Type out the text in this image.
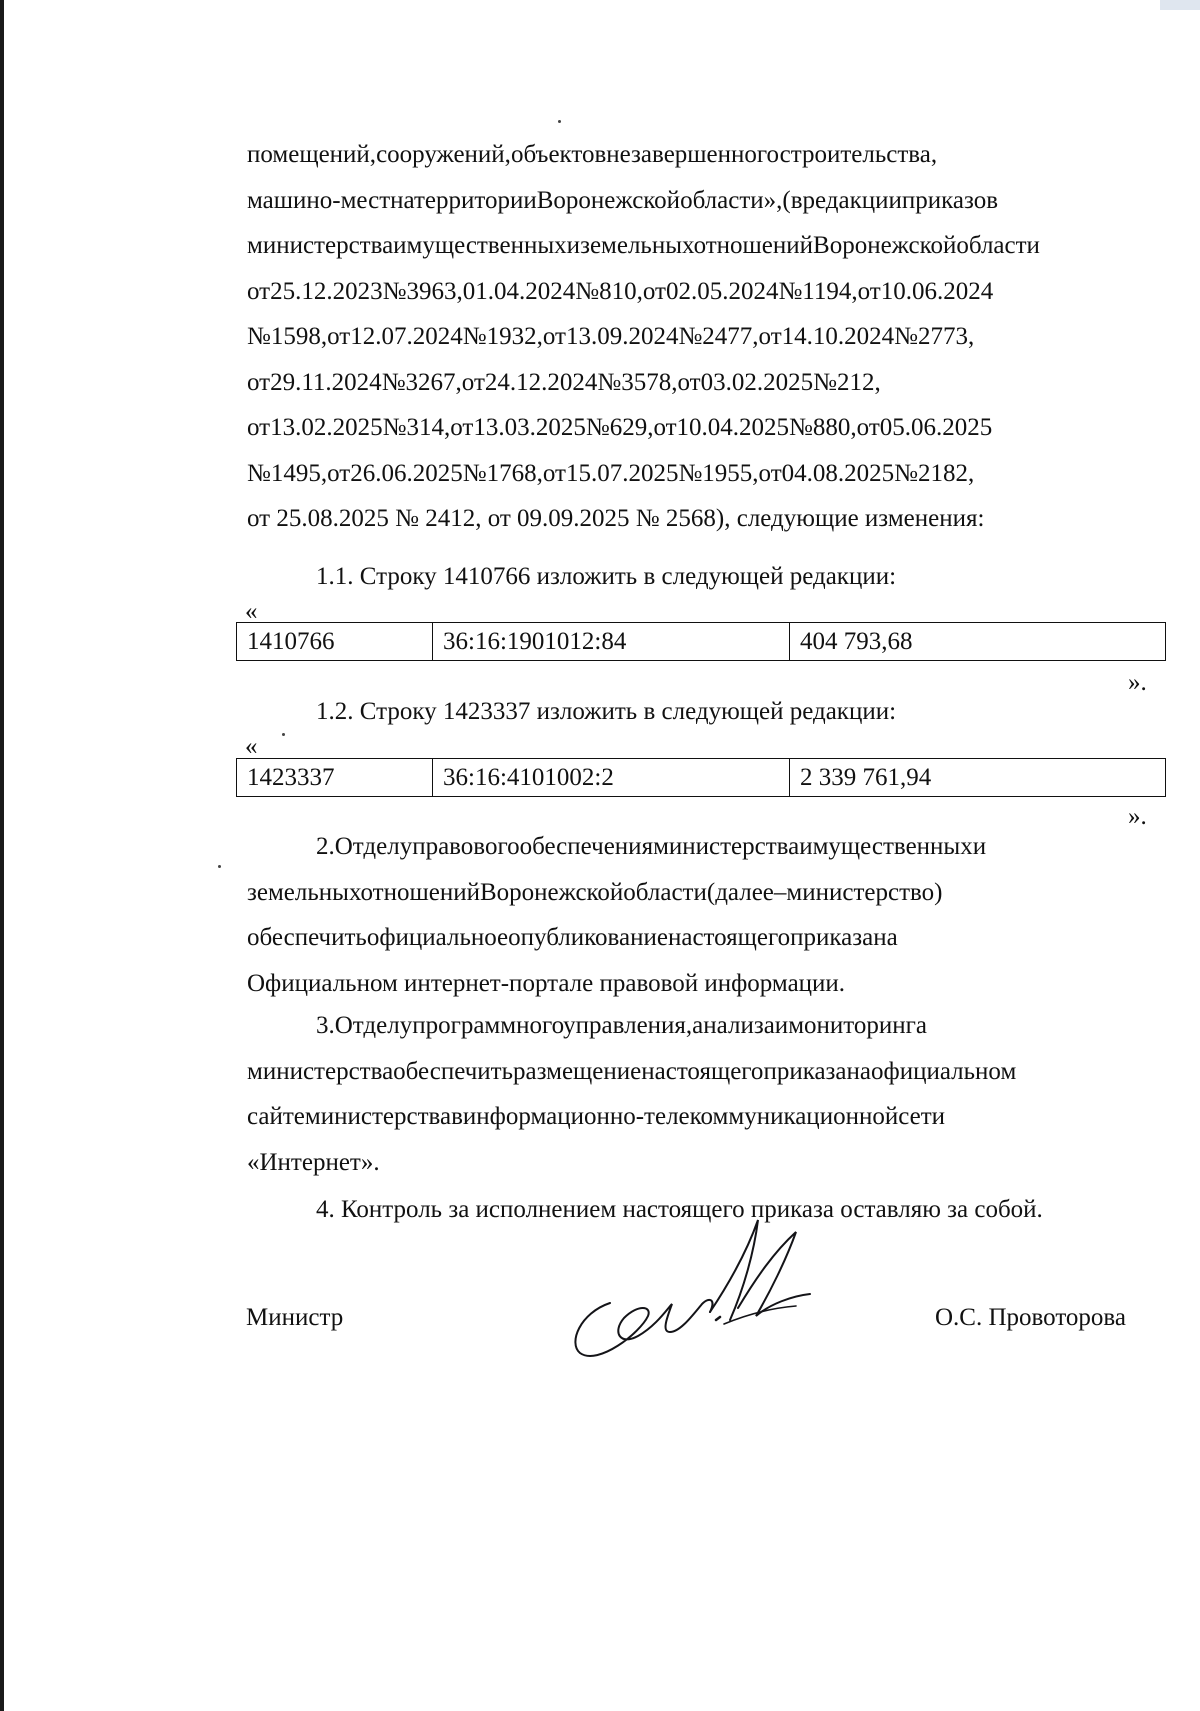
помещений,сооружений,объектовнезавершенногостроительства,
машино-местнатерриторииВоронежскойобласти»,(вредакцииприказов
министерстваимущественныхиземельныхотношенийВоронежскойобласти
от25.12.2023№3963,01.04.2024№810,от02.05.2024№1194,от10.06.2024
№1598,от12.07.2024№1932,от13.09.2024№2477,от14.10.2024№2773,
от29.11.2024№3267,от24.12.2024№3578,от03.02.2025№212,
от13.02.2025№314,от13.03.2025№629,от10.04.2025№880,от05.06.2025
№1495,от26.06.2025№1768,от15.07.2025№1955,от04.08.2025№2182,
от 25.08.2025 № 2412, от 09.09.2025 № 2568), следующие изменения:
1.1. Строку 1410766 изложить в следующей редакции:
«
1410766	36:16:1901012:84	404 793,68
».
1.2. Строку 1423337 изложить в следующей редакции:
«
1423337	36:16:4101002:2	2 339 761,94
».
2.Отделуправовогообеспеченияминистерстваимущественныхи
земельныхотношенийВоронежскойобласти(далее–министерство)
обеспечитьофициальноеопубликованиенастоящегоприказана
Официальном интернет-портале правовой информации.
3.Отделупрограммногоуправления,анализаимониторинга
министерстваобеспечитьразмещениенастоящегоприказанаофициальном
сайтеминистерствавинформационно-телекоммуникационнойсети
«Интернет».
4. Контроль за исполнением настоящего приказа оставляю за собой.
Министр	О.С. Провоторова
